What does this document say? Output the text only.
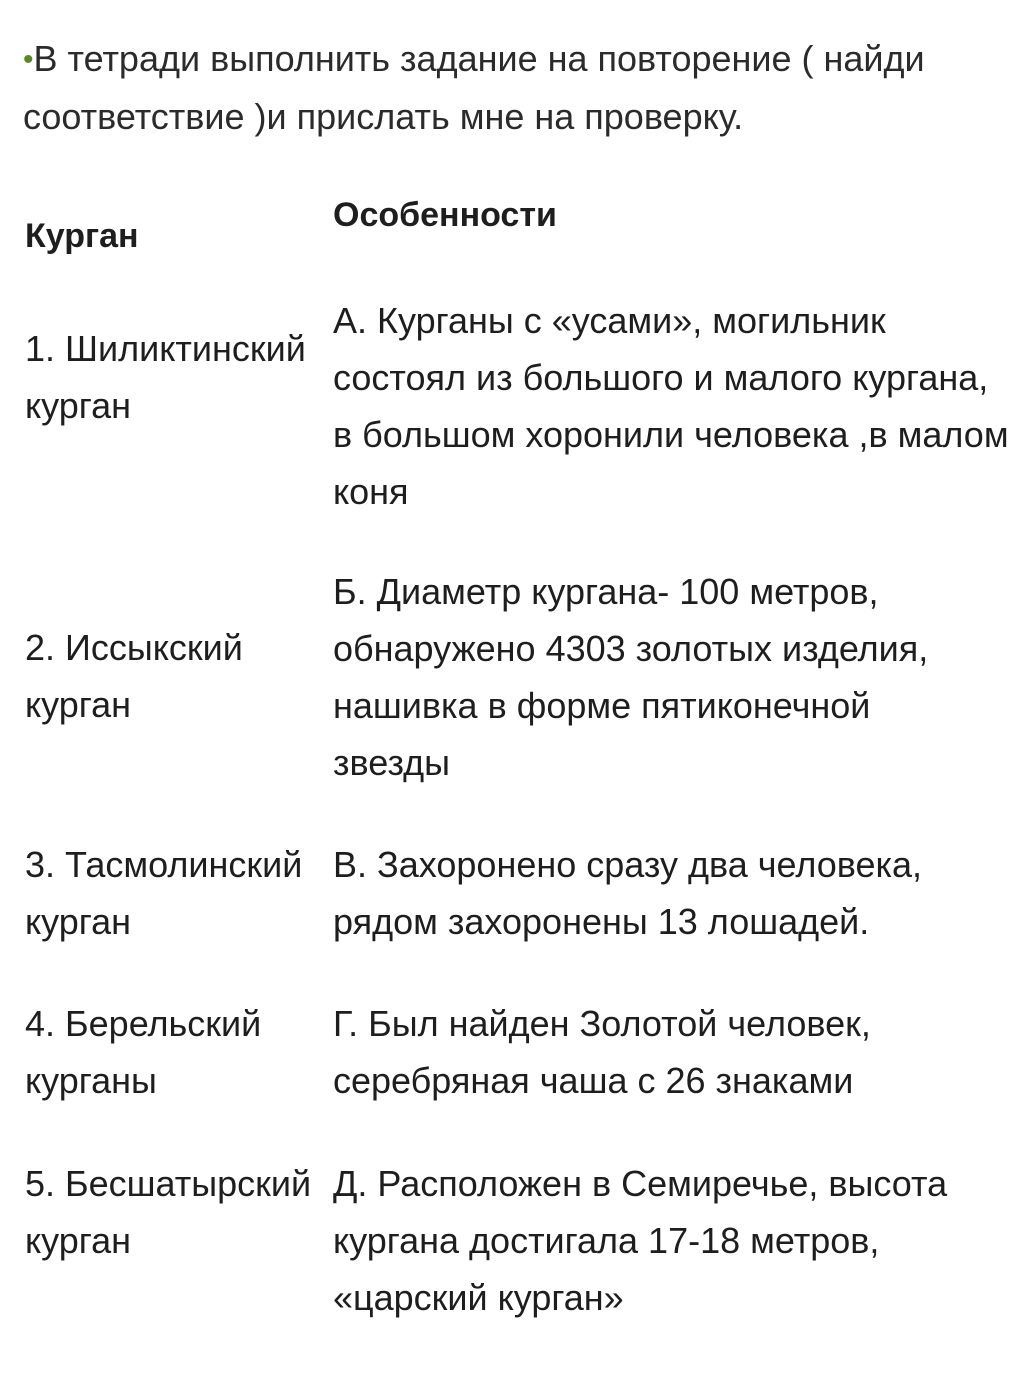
•В тетради выполнить задание на повторение ( найди соответствие )и прислать мне на проверку.
Курган
Особенности
1. Шиликтинский курган
А. Курганы с «усами», могильник состоял из большого и малого кургана, в большом хоронили человека ,в малом коня
2. Иссыкский курган
Б. Диаметр кургана- 100 метров, обнаружено 4303 золотых изделия, нашивка в форме пятиконечной звезды
3. Тасмолинский курган
В. Захоронено сразу два человека, рядом захоронены 13 лошадей.
4. Берельский курганы
Г. Был найден Золотой человек, серебряная чаша с 26 знаками
5. Бесшатырский курган
Д. Расположен в Семиречье, высота кургана достигала 17-18 метров, «царский курган»
